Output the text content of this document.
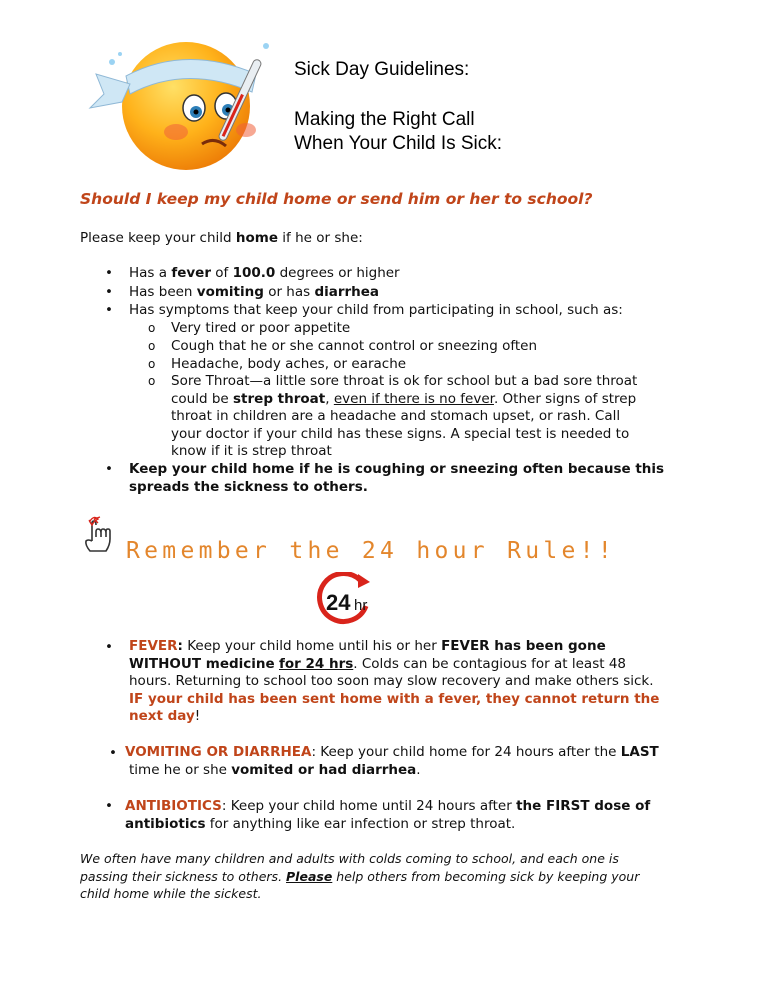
Sick Day Guidelines:
Making the Right Call
When Your Child Is Sick:
Should I keep my child home or send him or her to school?
Please keep your child home if he or she:
• Has a fever of 100.0 degrees or higher
• Has been vomiting or has diarrhea
• Has symptoms that keep your child from participating in school, such as:
o Very tired or poor appetite
o Cough that he or she cannot control or sneezing often
o Headache, body aches, or earache
o Sore Throat—a little sore throat is ok for school but a bad sore throat
could be strep throat, even if there is no fever. Other signs of strep
throat in children are a headache and stomach upset, or rash. Call
your doctor if your child has these signs. A special test is needed to
know if it is strep throat
• Keep your child home if he is coughing or sneezing often because this
spreads the sickness to others.
Remember the 24 hour Rule!!
24 hr
• FEVER: Keep your child home until his or her FEVER has been gone
WITHOUT medicine for 24 hrs. Colds can be contagious for at least 48
hours. Returning to school too soon may slow recovery and make others sick.
IF your child has been sent home with a fever, they cannot return the
next day!
• VOMITING OR DIARRHEA: Keep your child home for 24 hours after the LAST
time he or she vomited or had diarrhea.
• ANTIBIOTICS: Keep your child home until 24 hours after the FIRST dose of
antibiotics for anything like ear infection or strep throat.
We often have many children and adults with colds coming to school, and each one is
passing their sickness to others. Please help others from becoming sick by keeping your
child home while the sickest.
